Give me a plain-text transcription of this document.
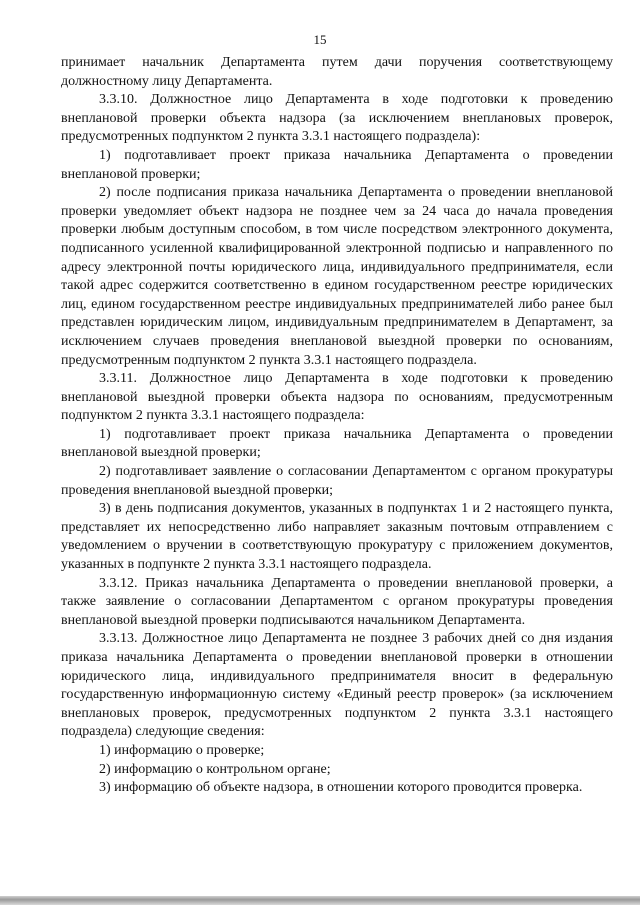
15

принимает начальник Департамента путем дачи поручения соответствующему должностному лицу Департамента.

3.3.10. Должностное лицо Департамента в ходе подготовки к проведению внеплановой проверки объекта надзора (за исключением внеплановых проверок, предусмотренных подпунктом 2 пункта 3.3.1 настоящего подраздела):

1) подготавливает проект приказа начальника Департамента о проведении внеплановой проверки;

2) после подписания приказа начальника Департамента о проведении внеплановой проверки уведомляет объект надзора не позднее чем за 24 часа до начала проведения проверки любым доступным способом, в том числе посредством электронного документа, подписанного усиленной квалифицированной электронной подписью и направленного по адресу электронной почты юридического лица, индивидуального предпринимателя, если такой адрес содержится соответственно в едином государственном реестре юридических лиц, едином государственном реестре индивидуальных предпринимателей либо ранее был представлен юридическим лицом, индивидуальным предпринимателем в Департамент, за исключением случаев проведения внеплановой выездной проверки по основаниям, предусмотренным подпунктом 2 пункта 3.3.1 настоящего подраздела.

3.3.11. Должностное лицо Департамента в ходе подготовки к проведению внеплановой выездной проверки объекта надзора по основаниям, предусмотренным подпунктом 2 пункта 3.3.1 настоящего подраздела:

1) подготавливает проект приказа начальника Департамента о проведении внеплановой выездной проверки;

2) подготавливает заявление о согласовании Департаментом с органом прокуратуры проведения внеплановой выездной проверки;

3) в день подписания документов, указанных в подпунктах 1 и 2 настоящего пункта, представляет их непосредственно либо направляет заказным почтовым отправлением с уведомлением о вручении в соответствующую прокуратуру с приложением документов, указанных в подпункте 2 пункта 3.3.1 настоящего подраздела.

3.3.12. Приказ начальника Департамента о проведении внеплановой проверки, а также заявление о согласовании Департаментом с органом прокуратуры проведения внеплановой выездной проверки подписываются начальником Департамента.

3.3.13. Должностное лицо Департамента не позднее 3 рабочих дней со дня издания приказа начальника Департамента о проведении внеплановой проверки в отношении юридического лица, индивидуального предпринимателя вносит в федеральную государственную информационную систему «Единый реестр проверок» (за исключением внеплановых проверок, предусмотренных подпунктом 2 пункта 3.3.1 настоящего подраздела) следующие сведения:

1) информацию о проверке;

2) информацию о контрольном органе;

3) информацию об объекте надзора, в отношении которого проводится проверка.
